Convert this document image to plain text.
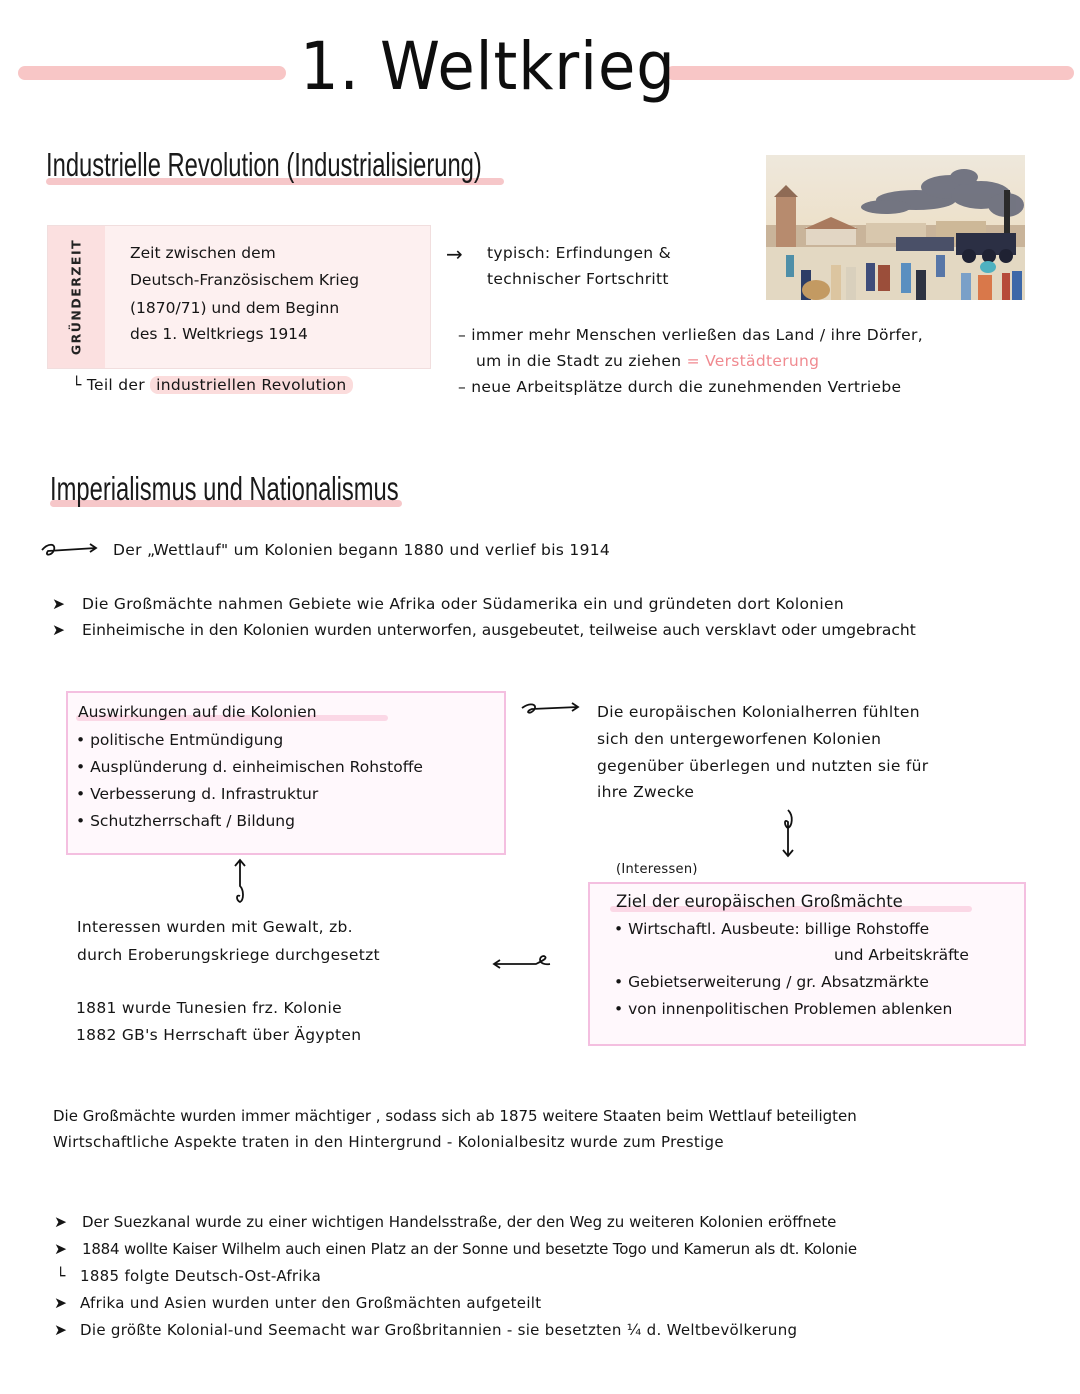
1. Weltkrieg
Industrielle Revolution (Industrialisierung)
GRÜNDERZEIT	Zeit zwischen dem
Deutsch-Französischem Krieg
(1870/71) und dem Beginn
des 1. Weltkriegs 1914
└ Teil der industriellen Revolution
→ typisch: Erfindungen &
technischer Fortschritt
– immer mehr Menschen verließen das Land / ihre Dörfer,
um in die Stadt zu ziehen = Verstädterung
– neue Arbeitsplätze durch die zunehmenden Vertriebe
Imperialismus und Nationalismus
Der „Wettlauf" um Kolonien begann 1880 und verlief bis 1914
➤ Die Großmächte nahmen Gebiete wie Afrika oder Südamerika ein und gründeten dort Kolonien
➤ Einheimische in den Kolonien wurden unterworfen, ausgebeutet, teilweise auch versklavt oder umgebracht
Auswirkungen auf die Kolonien
• politische Entmündigung
• Ausplünderung d. einheimischen Rohstoffe
• Verbesserung d. Infrastruktur
• Schutzherrschaft / Bildung
Die europäischen Kolonialherren fühlten
sich den untergeworfenen Kolonien
gegenüber überlegen und nutzten sie für
ihre Zwecke
(Interessen)
Ziel der europäischen Großmächte
• Wirtschaftl. Ausbeute: billige Rohstoffe
und Arbeitskräfte
• Gebietserweiterung / gr. Absatzmärkte
• von innenpolitischen Problemen ablenken
Interessen wurden mit Gewalt, zb.
durch Eroberungskriege durchgesetzt
1881 wurde Tunesien frz. Kolonie
1882 GB's Herrschaft über Ägypten
Die Großmächte wurden immer mächtiger , sodass sich ab 1875 weitere Staaten beim Wettlauf beteiligten
Wirtschaftliche Aspekte traten in den Hintergrund - Kolonialbesitz wurde zum Prestige
➤ Der Suezkanal wurde zu einer wichtigen Handelsstraße, der den Weg zu weiteren Kolonien eröffnete
➤ 1884 wollte Kaiser Wilhelm auch einen Platz an der Sonne und besetzte Togo und Kamerun als dt. Kolonie
└ 1885 folgte Deutsch-Ost-Afrika
➤ Afrika und Asien wurden unter den Großmächten aufgeteilt
➤ Die größte Kolonial-und Seemacht war Großbritannien - sie besetzten ¼ d. Weltbevölkerung
